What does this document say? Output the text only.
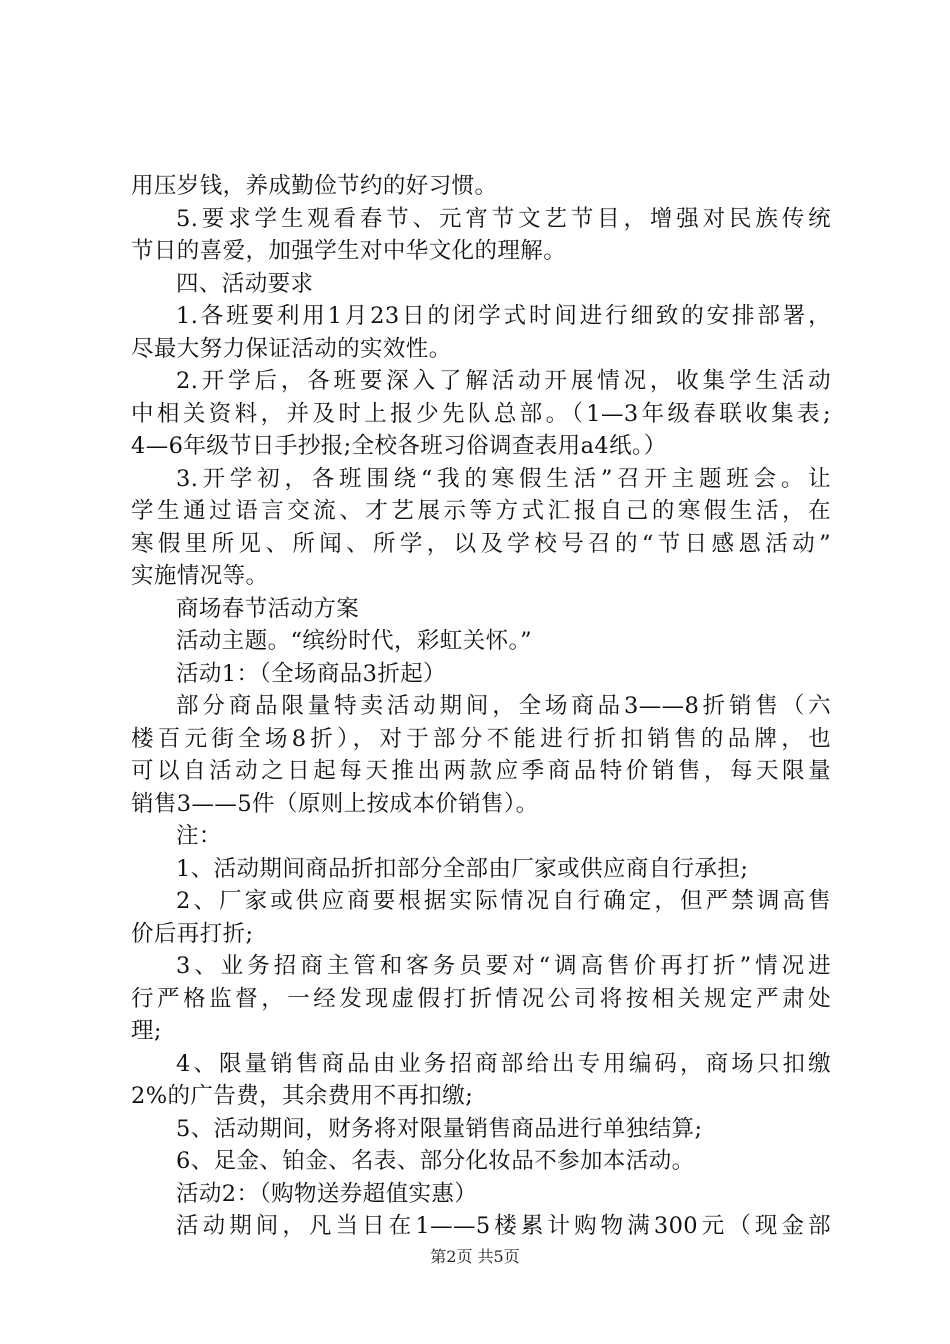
用压岁钱，养成勤俭节约的好习惯。
5.要求学生观看春节、元宵节文艺节目，增强对民族传统
节日的喜爱，加强学生对中华文化的理解。
四、活动要求
1.各班要利用1月23日的闭学式时间进行细致的安排部署，
尽最大努力保证活动的实效性。
2.开学后，各班要深入了解活动开展情况，收集学生活动
中相关资料，并及时上报少先队总部。（1—3年级春联收集表;
4—6年级节日手抄报;全校各班习俗调查表用a4纸。）
3.开学初，各班围绕“我的寒假生活”召开主题班会。让
学生通过语言交流、才艺展示等方式汇报自己的寒假生活，在
寒假里所见、所闻、所学，以及学校号召的“节日感恩活动”
实施情况等。
商场春节活动方案
活动主题。“缤纷时代，彩虹关怀。”
活动1：（全场商品3折起）
部分商品限量特卖活动期间，全场商品3——8折销售（六
楼百元街全场8折），对于部分不能进行折扣销售的品牌，也
可以自活动之日起每天推出两款应季商品特价销售，每天限量
销售3——5件（原则上按成本价销售）。
注：
1、活动期间商品折扣部分全部由厂家或供应商自行承担;
2、厂家或供应商要根据实际情况自行确定，但严禁调高售
价后再打折;
3、业务招商主管和客务员要对“调高售价再打折”情况进
行严格监督，一经发现虚假打折情况公司将按相关规定严肃处
理;
4、限量销售商品由业务招商部给出专用编码，商场只扣缴
2%的广告费，其余费用不再扣缴;
5、活动期间，财务将对限量销售商品进行单独结算;
6、足金、铂金、名表、部分化妆品不参加本活动。
活动2：（购物送券超值实惠）
活动期间，凡当日在1——5楼累计购物满300元（现金部
第2页 共5页
